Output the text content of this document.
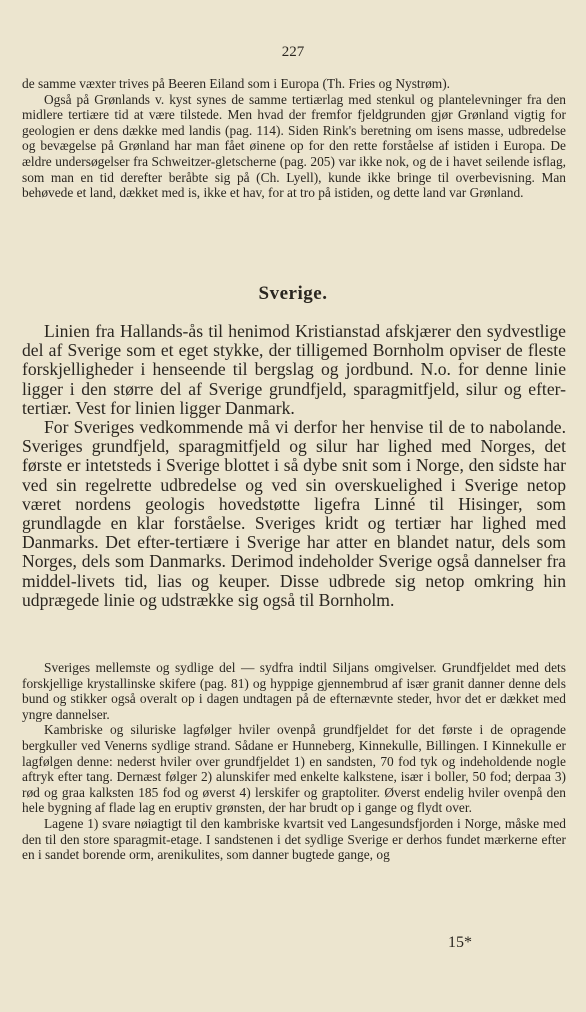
227

de samme væxter trives på Beeren Eiland som i Europa (Th. Fries og Nystrøm).

Også på Grønlands v. kyst synes de samme tertiærlag med stenkul og plantelevninger fra den midlere tertiære tid at være tilstede. Men hvad der fremfor fjeldgrunden gjør Grønland vigtig for geologien er dens dække med landis (pag. 114). Siden Rink's beretning om isens masse, udbredelse og bevægelse på Grønland har man fået øinene op for den rette forståelse af istiden i Europa. De ældre undersøgelser fra Schweitzer-gletscherne (pag. 205) var ikke nok, og de i havet seilende isflag, som man en tid derefter beråbte sig på (Ch. Lyell), kunde ikke bringe til overbevisning. Man behøvede et land, dækket med is, ikke et hav, for at tro på istiden, og dette land var Grønland.

Sverige.

Linien fra Hallands-ås til henimod Kristianstad afskjærer den sydvestlige del af Sverige som et eget stykke, der tilligemed Bornholm opviser de fleste forskjelligheder i henseende til bergslag og jordbund. N.o. for denne linie ligger i den større del af Sverige grundfjeld, sparagmitfjeld, silur og efter-tertiær. Vest for linien ligger Danmark.

For Sveriges vedkommende må vi derfor her henvise til de to nabolande. Sveriges grundfjeld, sparagmitfjeld og silur har lighed med Norges, det første er intetsteds i Sverige blottet i så dybe snit som i Norge, den sidste har ved sin regelrette udbredelse og ved sin overskuelighed i Sverige netop været nordens geologis hovedstøtte ligefra Linné til Hisinger, som grundlagde en klar forståelse. Sveriges kridt og tertiær har lighed med Danmarks. Det efter-tertiære i Sverige har atter en blandet natur, dels som Norges, dels som Danmarks. Derimod indeholder Sverige også dannelser fra middel-livets tid, lias og keuper. Disse udbrede sig netop omkring hin udprægede linie og udstrække sig også til Bornholm.

Sveriges mellemste og sydlige del — sydfra indtil Siljans omgivelser. Grundfjeldet med dets forskjellige krystallinske skifere (pag. 81) og hyppige gjennembrud af især granit danner denne dels bund og stikker også overalt op i dagen undtagen på de efternævnte steder, hvor det er dækket med yngre dannelser.

Kambriske og siluriske lagfølger hviler ovenpå grundfjeldet for det første i de opragende bergkuller ved Venerns sydlige strand. Sådane er Hunneberg, Kinnekulle, Billingen. I Kinnekulle er lagfølgen denne: nederst hviler over grundfjeldet 1) en sandsten, 70 fod tyk og indeholdende nogle aftryk efter tang. Dernæst følger 2) alunskifer med enkelte kalkstene, især i boller, 50 fod; derpaa 3) rød og graa kalksten 185 fod og øverst 4) lerskifer og graptoliter. Øverst endelig hviler ovenpå den hele bygning af flade lag en eruptiv grønsten, der har brudt op i gange og flydt over.

Lagene 1) svare nøiagtigt til den kambriske kvartsit ved Langesundsfjorden i Norge, måske med den til den store sparagmit-etage. I sandstenen i det sydlige Sverige er derhos fundet mærkerne efter en i sandet borende orm, arenikulites, som danner bugtede gange, og

15*
